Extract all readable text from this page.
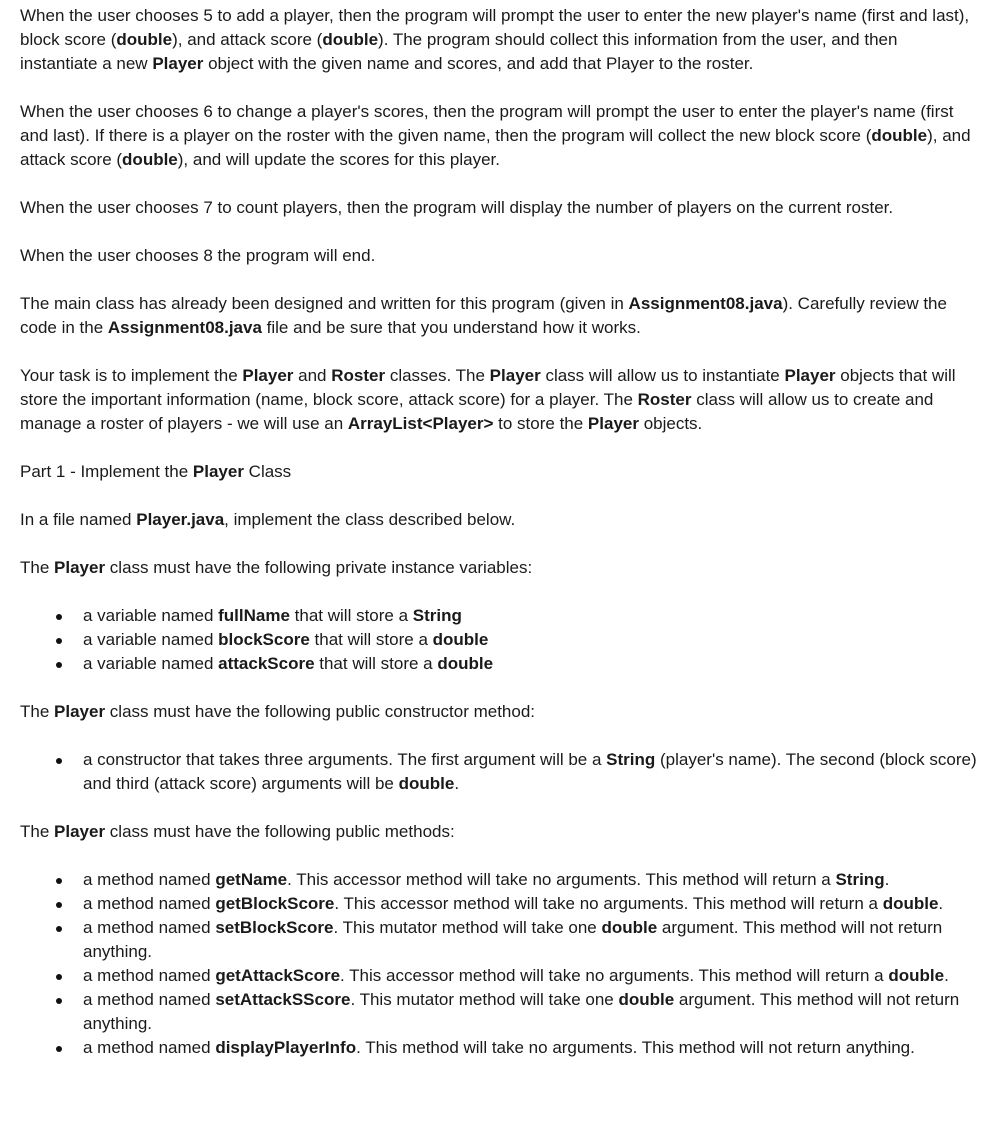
When the user chooses 5 to add a player, then the program will prompt the user to enter the new player's name (first and last), block score (double), and attack score (double). The program should collect this information from the user, and then instantiate a new Player object with the given name and scores, and add that Player to the roster.

When the user chooses 6 to change a player's scores, then the program will prompt the user to enter the player's name (first and last). If there is a player on the roster with the given name, then the program will collect the new block score (double), and attack score (double), and will update the scores for this player.

When the user chooses 7 to count players, then the program will display the number of players on the current roster.

When the user chooses 8 the program will end.

The main class has already been designed and written for this program (given in Assignment08.java). Carefully review the code in the Assignment08.java file and be sure that you understand how it works.

Your task is to implement the Player and Roster classes. The Player class will allow us to instantiate Player objects that will store the important information (name, block score, attack score) for a player. The Roster class will allow us to create and manage a roster of players - we will use an ArrayList<Player> to store the Player objects.

Part 1 - Implement the Player Class

In a file named Player.java, implement the class described below.

The Player class must have the following private instance variables:

a variable named fullName that will store a String
a variable named blockScore that will store a double
a variable named attackScore that will store a double

The Player class must have the following public constructor method:

a constructor that takes three arguments. The first argument will be a String (player's name). The second (block score) and third (attack score) arguments will be double.

The Player class must have the following public methods:

a method named getName. This accessor method will take no arguments. This method will return a String.
a method named getBlockScore. This accessor method will take no arguments. This method will return a double.
a method named setBlockScore. This mutator method will take one double argument. This method will not return anything.
a method named getAttackScore. This accessor method will take no arguments. This method will return a double.
a method named setAttackSScore. This mutator method will take one double argument. This method will not return anything.
a method named displayPlayerInfo. This method will take no arguments. This method will not return anything.
